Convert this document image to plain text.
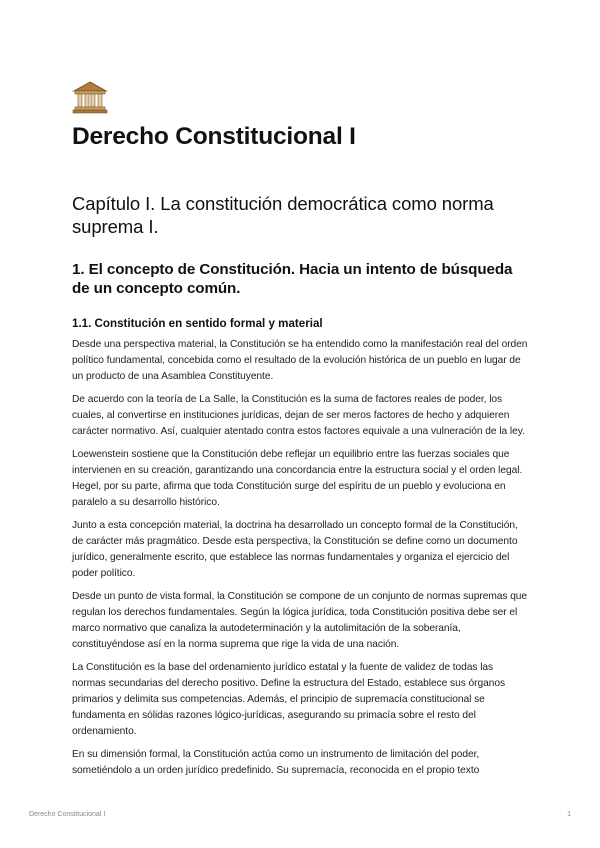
Derecho Constitucional I
Capítulo I. La constitución democrática como norma suprema I.
1. El concepto de Constitución. Hacia un intento de búsqueda de un concepto común.
1.1. Constitución en sentido formal y material

Desde una perspectiva material, la Constitución se ha entendido como la manifestación real del orden político fundamental, concebida como el resultado de la evolución histórica de un pueblo en lugar de un producto de una Asamblea Constituyente.

De acuerdo con la teoría de La Salle, la Constitución es la suma de factores reales de poder, los cuales, al convertirse en instituciones jurídicas, dejan de ser meros factores de hecho y adquieren carácter normativo. Así, cualquier atentado contra estos factores equivale a una vulneración de la ley.

Loewenstein sostiene que la Constitución debe reflejar un equilibrio entre las fuerzas sociales que intervienen en su creación, garantizando una concordancia entre la estructura social y el orden legal. Hegel, por su parte, afirma que toda Constitución surge del espíritu de un pueblo y evoluciona en paralelo a su desarrollo histórico.

Junto a esta concepción material, la doctrina ha desarrollado un concepto formal de la Constitución, de carácter más pragmático. Desde esta perspectiva, la Constitución se define como un documento jurídico, generalmente escrito, que establece las normas fundamentales y organiza el ejercicio del poder político.

Desde un punto de vista formal, la Constitución se compone de un conjunto de normas supremas que regulan los derechos fundamentales. Según la lógica jurídica, toda Constitución positiva debe ser el marco normativo que canaliza la autodeterminación y la autolimitación de la soberanía, constituyéndose así en la norma suprema que rige la vida de una nación.

La Constitución es la base del ordenamiento jurídico estatal y la fuente de validez de todas las normas secundarias del derecho positivo. Define la estructura del Estado, establece sus órganos primarios y delimita sus competencias. Además, el principio de supremacía constitucional se fundamenta en sólidas razones lógico-jurídicas, asegurando su primacía sobre el resto del ordenamiento.

En su dimensión formal, la Constitución actúa como un instrumento de limitación del poder, sometiéndolo a un orden jurídico predefinido. Su supremacía, reconocida en el propio texto

Derecho Constitucional I	1
